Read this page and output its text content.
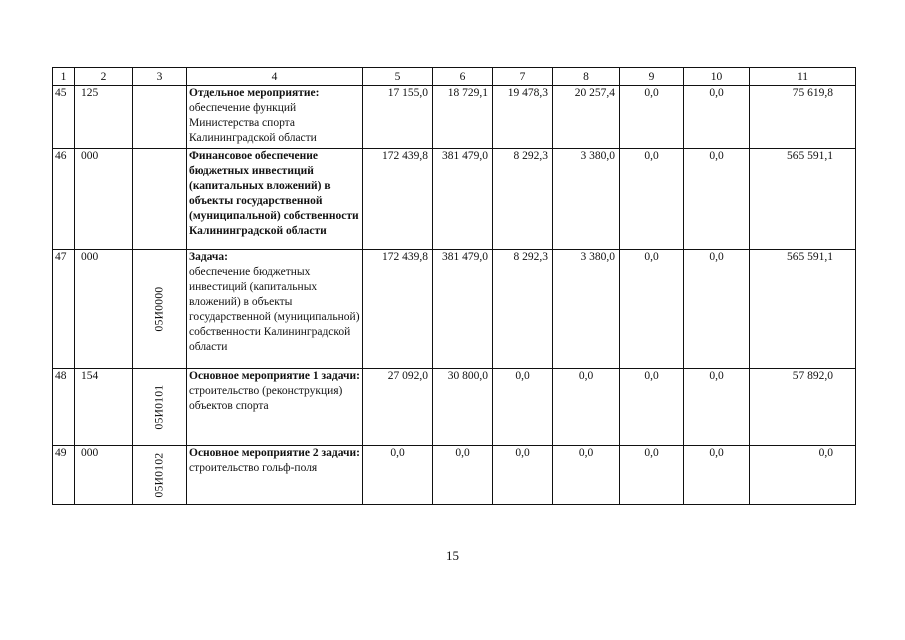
1	2	3	4	5	6	7	8	9	10	11
45	125		Отдельное мероприятие:
обеспечение функций Министерства спорта Калининградской области	17 155,0	18 729,1	19 478,3	20 257,4	0,0	0,0	75 619,8
46	000		Финансовое обеспечение бюджетных инвестиций (капитальных вложений) в объекты государственной (муниципальной) собственности Калининградской области	172 439,8	381 479,0	8 292,3	3 380,0	0,0	0,0	565 591,1
47	000	05И0000	Задача:
обеспечение бюджетных инвестиций (капитальных вложений) в объекты государственной (муниципальной) собственности Калининградской области	172 439,8	381 479,0	8 292,3	3 380,0	0,0	0,0	565 591,1
48	154	05И0101	Основное мероприятие 1 задачи:
строительство (реконструкция) объектов спорта	27 092,0	30 800,0	0,0	0,0	0,0	0,0	57 892,0
49	000	05И0102	Основное мероприятие 2 задачи:
строительство гольф-поля	0,0	0,0	0,0	0,0	0,0	0,0	0,0
15
